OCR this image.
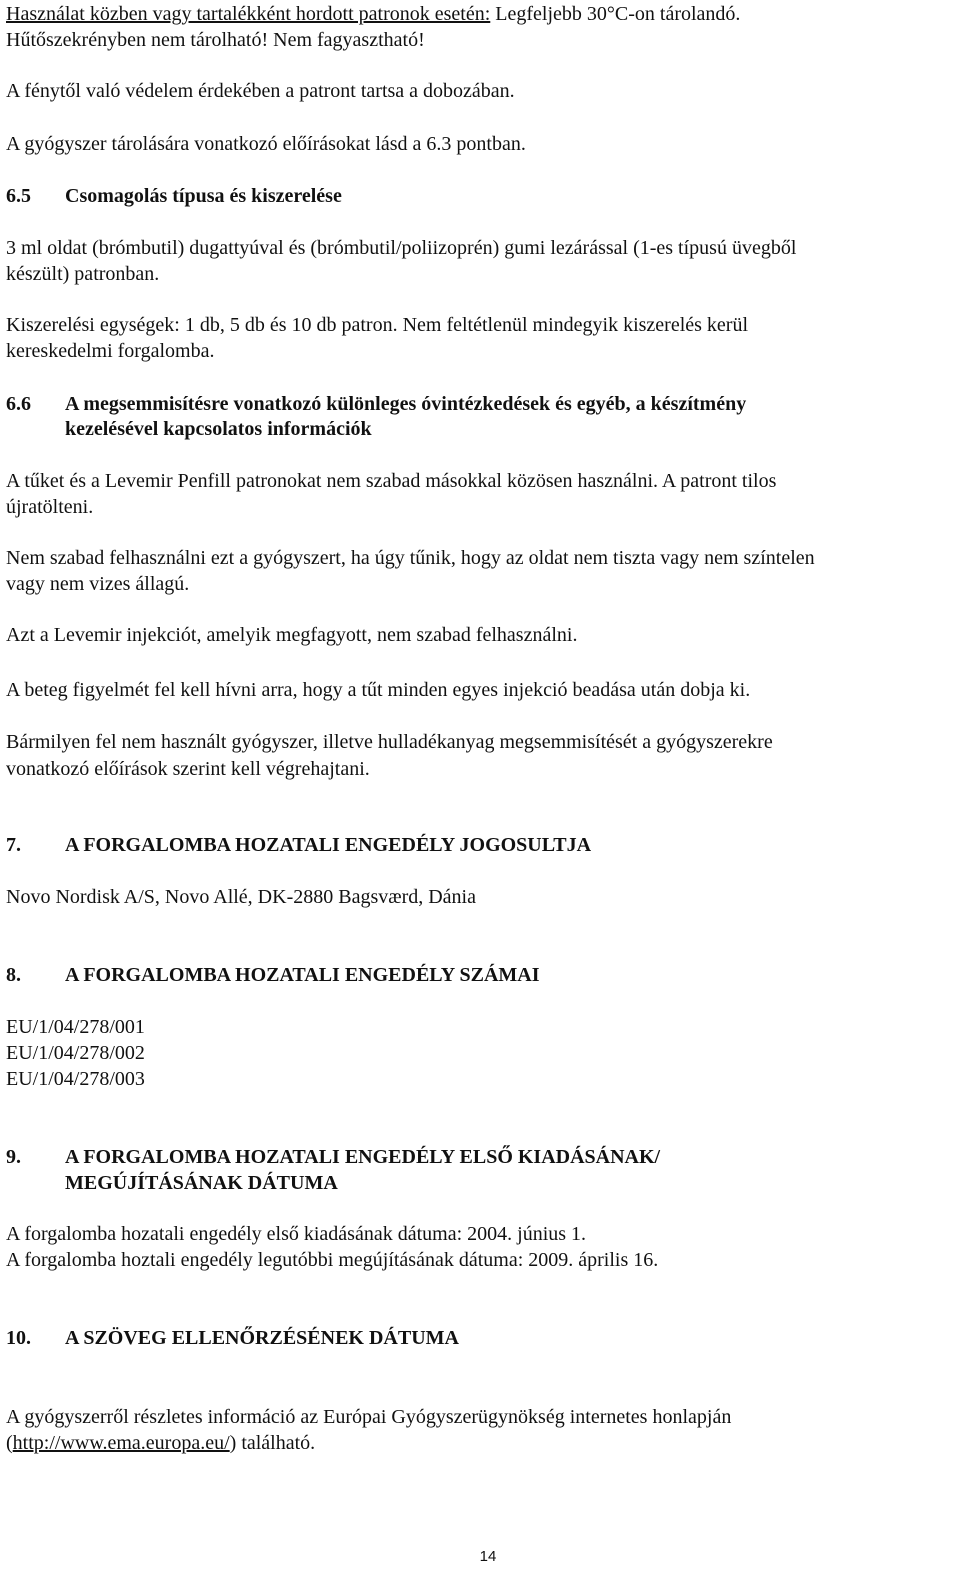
Használat közben vagy tartalékként hordott patronok esetén: Legfeljebb 30°C-on tárolandó.
Hűtőszekrényben nem tárolható! Nem fagyasztható!
A fénytől való védelem érdekében a patront tartsa a dobozában.
A gyógyszer tárolására vonatkozó előírásokat lásd a 6.3 pontban.
6.5 Csomagolás típusa és kiszerelése
3 ml oldat (brómbutil) dugattyúval és (brómbutil/poliizoprén) gumi lezárással (1-es típusú üvegből
készült) patronban.
Kiszerelési egységek: 1 db, 5 db és 10 db patron. Nem feltétlenül mindegyik kiszerelés kerül
kereskedelmi forgalomba.
6.6 A megsemmisítésre vonatkozó különleges óvintézkedések és egyéb, a készítmény
kezelésével kapcsolatos információk
A tűket és a Levemir Penfill patronokat nem szabad másokkal közösen használni. A patront tilos
újratölteni.
Nem szabad felhasználni ezt a gyógyszert, ha úgy tűnik, hogy az oldat nem tiszta vagy nem színtelen
vagy nem vizes állagú.
Azt a Levemir injekciót, amelyik megfagyott, nem szabad felhasználni.
A beteg figyelmét fel kell hívni arra, hogy a tűt minden egyes injekció beadása után dobja ki.
Bármilyen fel nem használt gyógyszer, illetve hulladékanyag megsemmisítését a gyógyszerekre
vonatkozó előírások szerint kell végrehajtani.
7. A FORGALOMBA HOZATALI ENGEDÉLY JOGOSULTJA
Novo Nordisk A/S, Novo Allé, DK-2880 Bagsværd, Dánia
8. A FORGALOMBA HOZATALI ENGEDÉLY SZÁMAI
EU/1/04/278/001
EU/1/04/278/002
EU/1/04/278/003
9. A FORGALOMBA HOZATALI ENGEDÉLY ELSŐ KIADÁSÁNAK/
MEGÚJÍTÁSÁNAK DÁTUMA
A forgalomba hozatali engedély első kiadásának dátuma: 2004. június 1.
A forgalomba hoztali engedély legutóbbi megújításának dátuma: 2009. április 16.
10. A SZÖVEG ELLENŐRZÉSÉNEK DÁTUMA
A gyógyszerről részletes információ az Európai Gyógyszerügynökség internetes honlapján
(http://www.ema.europa.eu/) található.
14
